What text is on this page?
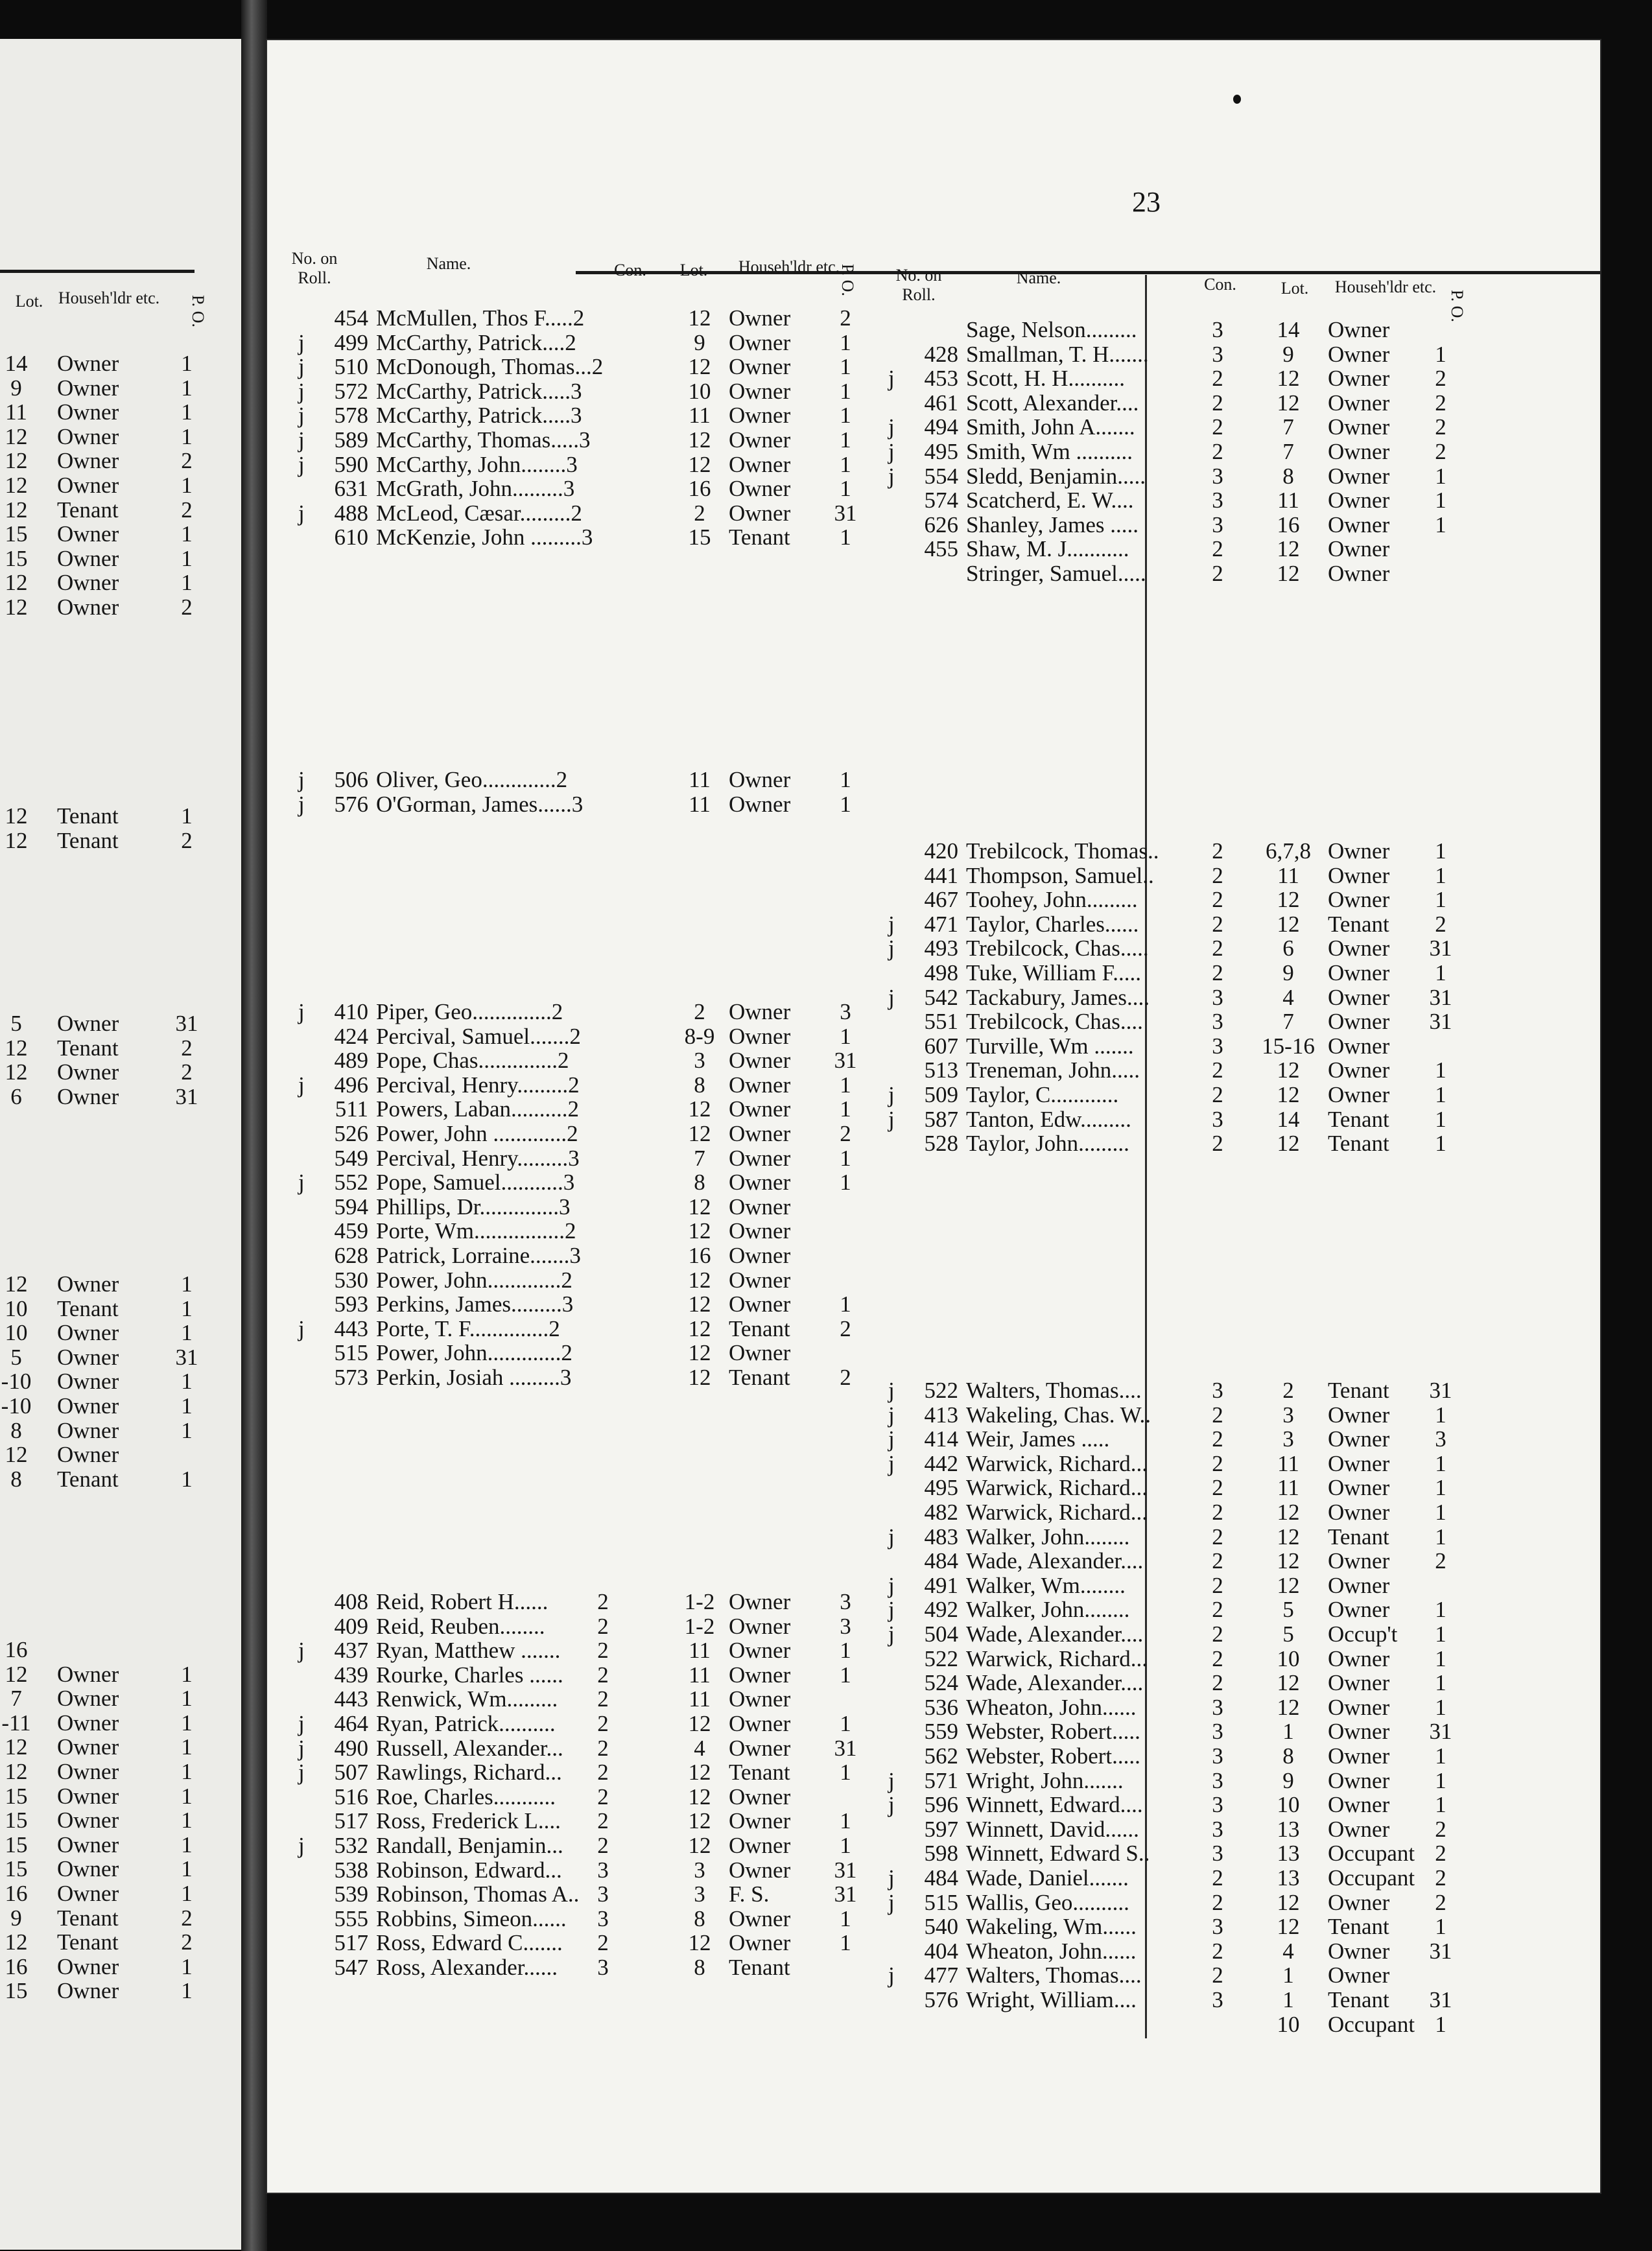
Lot. Househ'ldr etc.	P. O.
14	Owner	1
9	Owner	1
11	Owner	1
12	Owner	1
12	Owner	2
12	Owner	1
12	Tenant	2
15	Owner	1
15	Owner	1
12	Owner	1
12	Owner	2
12	Tenant	1
12	Tenant	2
5	Owner	31
12	Tenant	2
12	Owner	2
6	Owner	31
12	Owner	1
10	Tenant	1
10	Owner	1
5	Owner	31
-10	Owner	1
-10	Owner	1
8	Owner	1
12	Owner
8	Tenant	1
16
12	Owner	1
7	Owner	1
-11	Owner	1
12	Owner	1
12	Owner	1
15	Owner	1
15	Owner	1
15	Owner	1
15	Owner	1
16	Owner	1
9	Tenant	2
12	Tenant	2
16	Owner	1
15	Owner	1
23
No. on Roll.
Name.	Con.	Lot.	Househ'ldr etc.
P. O.	No. on Roll.
Name.	Con.	Lot.	Househ'ldr etc.
P. O.
454 McMullen, Thos F.....2	12 Owner	2
j	499 McCarthy, Patrick....2	9	Owner	1
j	510 McDonough, Thomas...2	12 Owner	1
j	572 McCarthy, Patrick.....3	10 Owner	1
j	578 McCarthy, Patrick.....3	11 Owner	1
j	589 McCarthy, Thomas.....3	12 Owner	1
j	590 McCarthy, John........3	12 Owner	1
631 McGrath, John.........3	16 Owner	1
j	488 McLeod, Cæsar.........2	2	Owner	31
610 McKenzie, John .........3	15 Tenant	1
j	506 Oliver, Geo.............2	11 Owner	1
j	576 O'Gorman, James......3	11 Owner	1
j	410 Piper, Geo..............2	2	Owner	3
424 Percival, Samuel.......2	8-9 Owner	1
489 Pope, Chas..............2	3	Owner	31
j	496 Percival, Henry.........2	8	Owner	1
511 Powers, Laban..........2	12 Owner	1
526 Power, John .............2	12 Owner	2
549 Percival, Henry.........3	7	Owner	1
j	552 Pope, Samuel...........3	8	Owner	1
594 Phillips, Dr..............3	12 Owner
459 Porte, Wm................2	12 Owner
628 Patrick, Lorraine.......3	16 Owner
530 Power, John.............2	12 Owner
593 Perkins, James.........3	12 Owner	1
j	443 Porte, T. F..............2	12 Tenant	2
515 Power, John.............2	12 Owner
573 Perkin, Josiah .........3	12 Tenant	2
408 Reid, Robert H......	2	1-2 Owner	3
409 Reid, Reuben........	2	1-2 Owner	3
j	437 Ryan, Matthew .......	2	11 Owner	1
439 Rourke, Charles ......	2	11 Owner	1
443 Renwick, Wm.........	2	11 Owner
j	464 Ryan, Patrick..........	2	12 Owner	1
j	490 Russell, Alexander...	2	4	Owner	31
j	507 Rawlings, Richard...	2	12 Tenant	1
516 Roe, Charles...........	2	12 Owner
517 Ross, Frederick L....	2	12 Owner	1
j	532 Randall, Benjamin...	2	12 Owner	1
538 Robinson, Edward...	3	3	Owner	31
539 Robinson, Thomas A.. 3	3	F. S.	31
555 Robbins, Simeon......	3	8	Owner	1
517 Ross, Edward C.......	2	12 Owner	1
547 Ross, Alexander......	3	8	Tenant
Sage, Nelson.........	3	14	Owner
428 Smallman, T. H.......	3	9	Owner	1
j	453 Scott, H. H..........	2	12	Owner	2
461 Scott, Alexander....	2	12	Owner	2
j	494 Smith, John A.......	2	7	Owner	2
j	495 Smith, Wm ..........	2	7	Owner	2
j	554 Sledd, Benjamin.....	3	8	Owner	1
574 Scatcherd, E. W....	3	11	Owner	1
626 Shanley, James .....	3	16	Owner	1
455 Shaw, M. J...........	2	12	Owner
Stringer, Samuel.....	2	12	Owner
420 Trebilcock, Thomas..	2	6,7,8 Owner	1
441 Thompson, Samuel..	2	11	Owner	1
467 Toohey, John.........	2	12	Owner	1
j	471 Taylor, Charles......	2	12	Tenant	2
j	493 Trebilcock, Chas.....	2	6	Owner	31
498 Tuke, William F.....	2	9	Owner	1
j	542 Tackabury, James....	3	4	Owner	31
551 Trebilcock, Chas....	3	7	Owner	31
607 Turville, Wm .......	3	15-16 Owner
513 Treneman, John.....	2	12	Owner	1
j	509 Taylor, C............	2	12	Owner	1
j	587 Tanton, Edw.........	3	14	Tenant	1
528 Taylor, John.........	2	12	Tenant	1
j	522 Walters, Thomas....	3	2	Tenant	31
j	413 Wakeling, Chas. W..	2	3	Owner	1
j	414 Weir, James .....	2	3	Owner	3
j	442 Warwick, Richard...	2	11	Owner	1
495 Warwick, Richard...	2	11	Owner	1
482 Warwick, Richard...	2	12	Owner	1
j	483 Walker, John........	2	12	Tenant	1
484 Wade, Alexander....	2	12	Owner	2
j	491 Walker, Wm........	2	12	Owner
j	492 Walker, John........	2	5	Owner	1
j	504 Wade, Alexander....	2	5	Occup't	1
522 Warwick, Richard...	2	10	Owner	1
524 Wade, Alexander....	2	12	Owner	1
536 Wheaton, John......	3	12	Owner	1
559 Webster, Robert.....	3	1	Owner	31
562 Webster, Robert.....	3	8	Owner	1
j	571 Wright, John.......	3	9	Owner	1
j	596 Winnett, Edward....	3	10	Owner	1
597 Winnett, David......	3	13	Owner	2
598 Winnett, Edward S..	3	13	Occupant 2
j	484 Wade, Daniel.......	2	13	Occupant 2
j	515 Wallis, Geo..........	2	12	Owner	2
540 Wakeling, Wm......	3	12	Tenant	1
404 Wheaton, John......	2	4	Owner	31
j	477 Walters, Thomas....	2	1	Owner
576 Wright, William....	3	1	Tenant	31
10	Occupant 1
